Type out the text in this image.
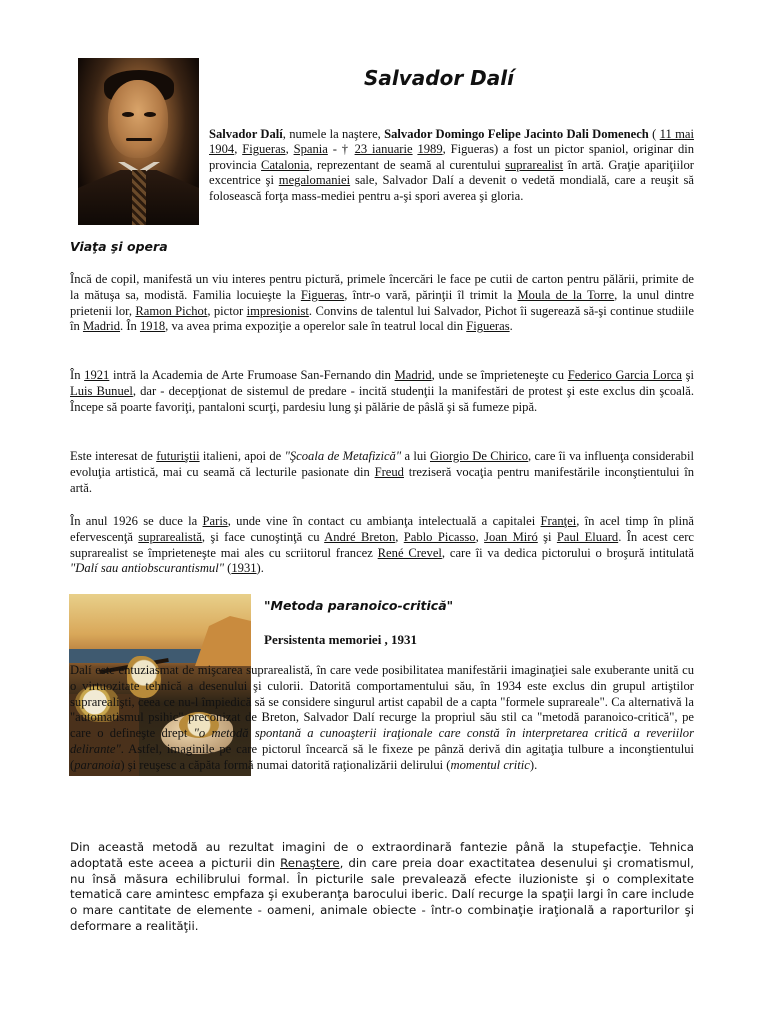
Salvador Dalí

Salvador Dalí, numele la naştere, Salvador Domingo Felipe Jacinto Dali Domenech ( 11 mai 1904, Figueras, Spania - † 23 ianuarie 1989, Figueras) a fost un pictor spaniol, originar din provincia Catalonia, reprezentant de seamă al curentului suprarealist în artă. Graţie apariţiilor excentrice şi megalomaniei sale, Salvador Dalí a devenit o vedetă mondială, care a reuşit să folosească forţa mass-mediei pentru a-şi spori averea şi gloria.

Viaţa şi opera

Încă de copil, manifestă un viu interes pentru pictură, primele încercări le face pe cutii de carton pentru pălării, primite de la mătuşa sa, modistă. Familia locuieşte la Figueras, într-o vară, părinţii îl trimit la Moula de la Torre, la unul dintre prietenii lor, Ramon Pichot, pictor impresionist. Convins de talentul lui Salvador, Pichot îi sugerează să-şi continue studiile în Madrid. În 1918, va avea prima expoziţie a operelor sale în teatrul local din Figueras.

În 1921 intră la Academia de Arte Frumoase San-Fernando din Madrid, unde se împrieteneşte cu Federico Garcia Lorca şi Luis Bunuel, dar - decepţionat de sistemul de predare - incită studenţii la manifestări de protest şi este exclus din şcoală. Începe să poarte favoriţi, pantaloni scurţi, pardesiu lung şi pălărie de pâslă şi să fumeze pipă.

Este interesat de futuriştii italieni, apoi de "Şcoala de Metafizică" a lui Giorgio De Chirico, care îi va influenţa considerabil evoluţia artistică, mai cu seamă că lecturile pasionate din Freud treziseră vocaţia pentru manifestările inconştientului în artă.

În anul 1926 se duce la Paris, unde vine în contact cu ambianţa intelectuală a capitalei Franţei, în acel timp în plină efervescenţă suprarealistă, şi face cunoştinţă cu André Breton, Pablo Picasso, Joan Miró şi Paul Eluard. În acest cerc suprarealist se împrieteneşte mai ales cu scriitorul francez René Crevel, care îi va dedica pictorului o broşură intitulată "Dalí sau antiobscurantismul" (1931).

"Metoda paranoico-critică"

Persistenta memoriei , 1931

Dalí este entuziasmat de mişcarea suprarealistă, în care vede posibilitatea manifestării imaginaţiei sale exuberante unită cu o virtuozitate tehnică a desenului şi culorii. Datorită comportamentului său, în 1934 este exclus din grupul artiştilor suprarealişti, ceea ce nu-l împiedică să se considere singurul artist capabil de a capta "formele suprareale". Ca alternativă la "automatismul psihic" preconizat de Breton, Salvador Dalí recurge la propriul său stil ca "metodă paranoico-critică", pe care o defineşte drept "o metodă spontană a cunoaşterii iraţionale care constă în interpretarea critică a reveriilor delirante". Astfel, imaginile pe care pictorul încearcă să le fixeze pe pânză derivă din agitaţia tulbure a inconştientului (paranoia) şi reuşesc a căpăta formă numai datorită raţionalizării delirului (momentul critic).

Din această metodă au rezultat imagini de o extraordinară fantezie până la stupefacţie. Tehnica adoptată este aceea a picturii din Renaştere, din care preia doar exactitatea desenului şi cromatismul, nu însă măsura echilibrului formal. În picturile sale prevalează efecte iluzioniste şi o complexitate tematică care amintesc empfaza şi exuberanţa barocului iberic. Dalí recurge la spaţii largi în care include o mare cantitate de elemente - oameni, animale obiecte - într-o combinaţie iraţională a raporturilor şi deformare a realităţii.
